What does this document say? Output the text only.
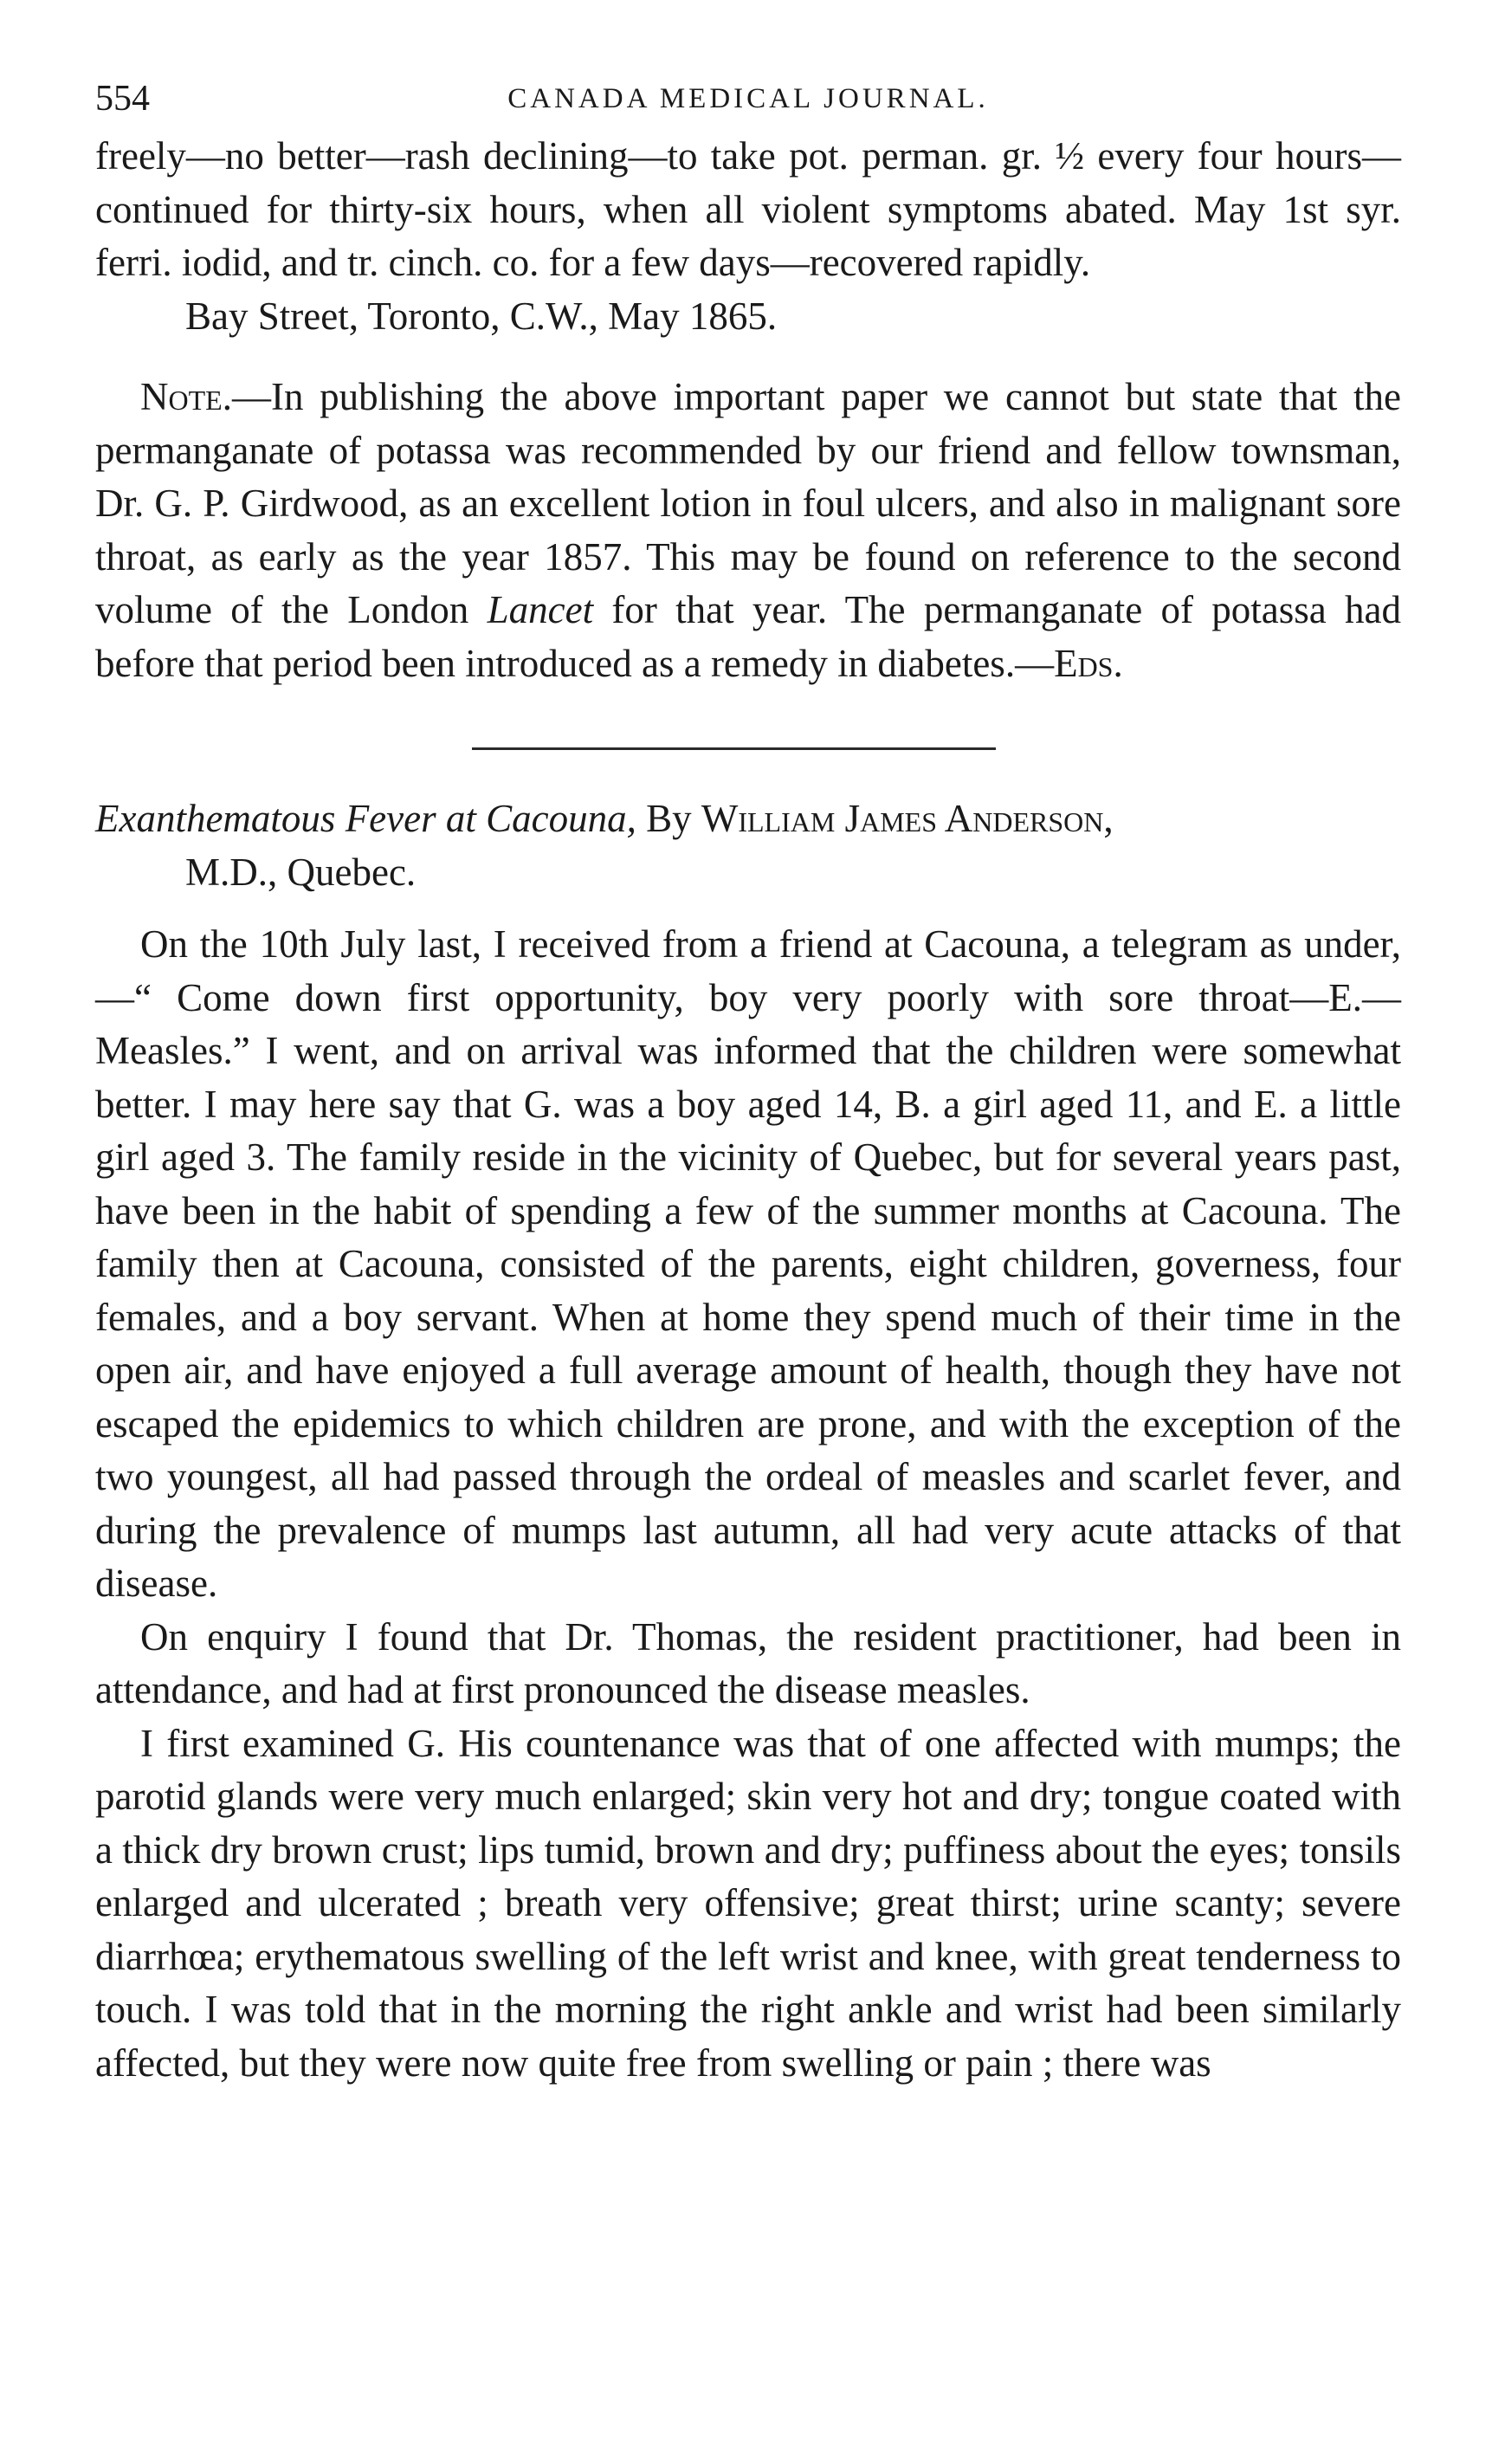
554	CANADA MEDICAL JOURNAL.

freely—no better—rash declining—to take pot. perman. gr. ½ every four hours—continued for thirty-six hours, when all violent symptoms abated. May 1st syr. ferri. iodid, and tr. cinch. co. for a few days—recovered rapidly.

Bay Street, Toronto, C.W., May 1865.

Note.—In publishing the above important paper we cannot but state that the permanganate of potassa was recommended by our friend and fellow townsman, Dr. G. P. Girdwood, as an excellent lotion in foul ulcers, and also in malignant sore throat, as early as the year 1857. This may be found on reference to the second volume of the London Lancet for that year. The permanganate of potassa had before that period been introduced as a remedy in diabetes.—Eds.

Exanthematous Fever at Cacouna, By William James Anderson,
M.D., Quebec.

On the 10th July last, I received from a friend at Cacouna, a telegram as under,—“ Come down first opportunity, boy very poorly with sore throat—E.—Measles.” I went, and on arrival was informed that the children were somewhat better. I may here say that G. was a boy aged 14, B. a girl aged 11, and E. a little girl aged 3. The family reside in the vicinity of Quebec, but for several years past, have been in the habit of spending a few of the summer months at Cacouna. The family then at Cacouna, consisted of the parents, eight children, governess, four females, and a boy servant. When at home they spend much of their time in the open air, and have enjoyed a full average amount of health, though they have not escaped the epidemics to which children are prone, and with the exception of the two youngest, all had passed through the ordeal of measles and scarlet fever, and during the prevalence of mumps last autumn, all had very acute attacks of that disease.

On enquiry I found that Dr. Thomas, the resident practitioner, had been in attendance, and had at first pronounced the disease measles.

I first examined G. His countenance was that of one affected with mumps; the parotid glands were very much enlarged; skin very hot and dry; tongue coated with a thick dry brown crust; lips tumid, brown and dry; puffiness about the eyes; tonsils enlarged and ulcerated ; breath very offensive; great thirst; urine scanty; severe diarrhœa; erythematous swelling of the left wrist and knee, with great tenderness to touch. I was told that in the morning the right ankle and wrist had been similarly affected, but they were now quite free from swelling or pain ; there was
